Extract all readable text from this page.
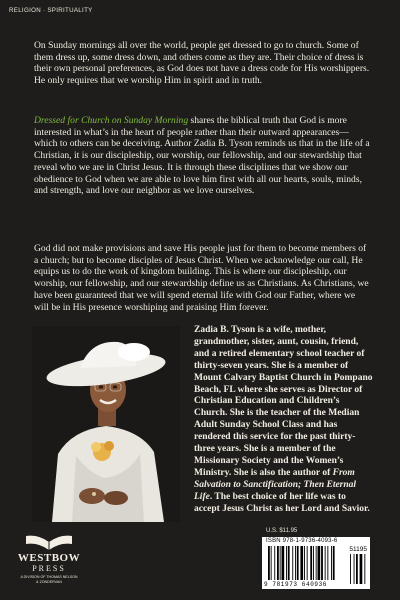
RELIGION · SPIRITUALITY

On Sunday mornings all over the world, people get dressed to go to church. Some of them dress up, some dress down, and others come as they are. Their choice of dress is their own personal preferences, as God does not have a dress code for His worshippers. He only requires that we worship Him in spirit and in truth.

Dressed for Church on Sunday Morning shares the biblical truth that God is more interested in what’s in the heart of people rather than their outward appearances—which to others can be deceiving. Author Zadia B. Tyson reminds us that in the life of a Christian, it is our discipleship, our worship, our fellowship, and our stewardship that reveal who we are in Christ Jesus. It is through these disciplines that we show our obedience to God when we are able to love him first with all our hearts, souls, minds, and strength, and love our neighbor as we love ourselves.

God did not make provisions and save His people just for them to become members of a church; but to become disciples of Jesus Christ. When we acknowledge our call, He equips us to do the work of kingdom building. This is where our discipleship, our worship, our fellowship, and our stewardship define us as Christians. As Christians, we have been guaranteed that we will spend eternal life with God our Father, where we will be in His presence worshiping and praising Him forever.

Zadia B. Tyson is a wife, mother, grandmother, sister, aunt, cousin, friend, and a retired elementary school teacher of thirty-seven years. She is a member of Mount Calvary Baptist Church in Pompano Beach, FL where she serves as Director of Christian Education and Children’s Church. She is the teacher of the Median Adult Sunday School Class and has rendered this service for the past thirty-three years. She is a member of the Missionary Society and the Women’s Ministry. She is also the author of From Salvation to Sanctification; Then Eternal Life. The best choice of her life was to accept Jesus Christ as her Lord and Savior.

U.S. $11.95
ISBN 978-1-9736-4093-6
51195
9 781973 640936
WESTBOW
PRESS
A DIVISION OF THOMAS NELSON
& ZONDERVAN
